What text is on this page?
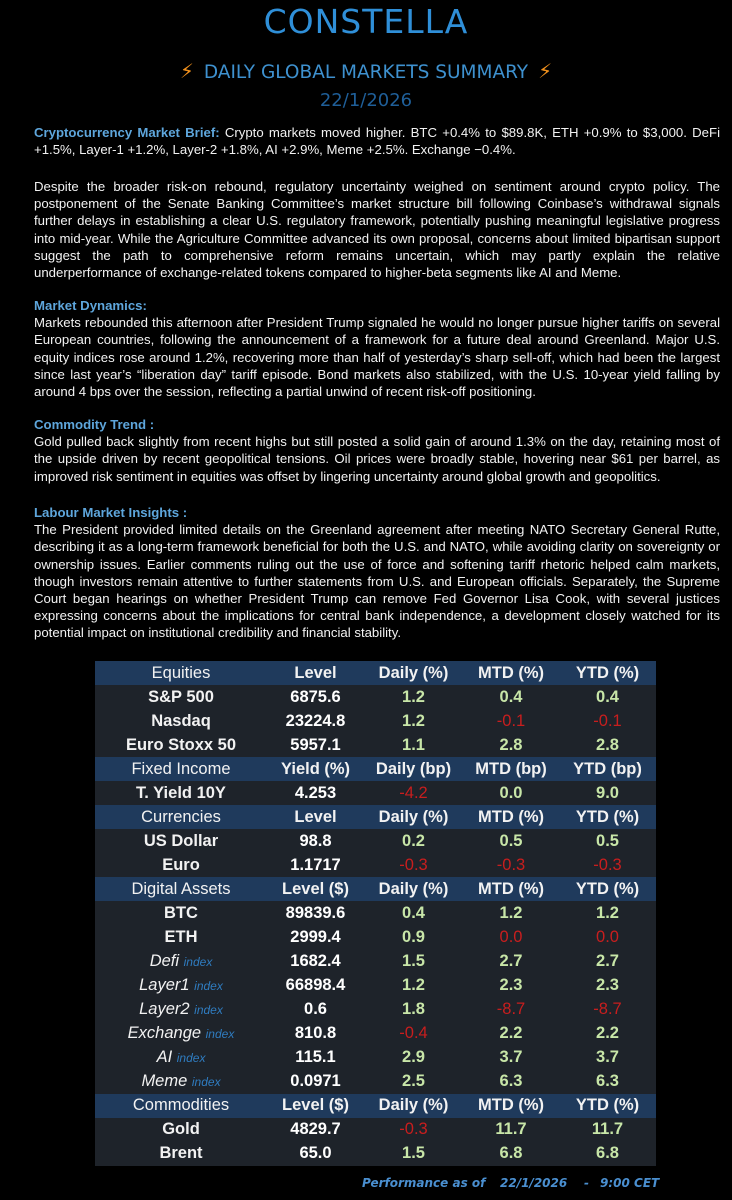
CONSTELLA
⚡ DAILY GLOBAL MARKETS SUMMARY ⚡
22/1/2026
Cryptocurrency Market Brief: Crypto markets moved higher. BTC +0.4% to $89.8K, ETH +0.9% to $3,000. DeFi +1.5%, Layer-1 +1.2%, Layer-2 +1.8%, AI +2.9%, Meme +2.5%. Exchange −0.4%.
Despite the broader risk-on rebound, regulatory uncertainty weighed on sentiment around crypto policy. The postponement of the Senate Banking Committee’s market structure bill following Coinbase’s withdrawal signals further delays in establishing a clear U.S. regulatory framework, potentially pushing meaningful legislative progress into mid-year. While the Agriculture Committee advanced its own proposal, concerns about limited bipartisan support suggest the path to comprehensive reform remains uncertain, which may partly explain the relative underperformance of exchange-related tokens compared to higher-beta segments like AI and Meme.
Market Dynamics:
Markets rebounded this afternoon after President Trump signaled he would no longer pursue higher tariffs on several European countries, following the announcement of a framework for a future deal around Greenland. Major U.S. equity indices rose around 1.2%, recovering more than half of yesterday’s sharp sell-off, which had been the largest since last year’s “liberation day” tariff episode. Bond markets also stabilized, with the U.S. 10-year yield falling by around 4 bps over the session, reflecting a partial unwind of recent risk-off positioning.
Commodity Trend :
Gold pulled back slightly from recent highs but still posted a solid gain of around 1.3% on the day, retaining most of the upside driven by recent geopolitical tensions. Oil prices were broadly stable, hovering near $61 per barrel, as improved risk sentiment in equities was offset by lingering uncertainty around global growth and geopolitics.
Labour Market Insights :
The President provided limited details on the Greenland agreement after meeting NATO Secretary General Rutte, describing it as a long-term framework beneficial for both the U.S. and NATO, while avoiding clarity on sovereignty or ownership issues. Earlier comments ruling out the use of force and softening tariff rhetoric helped calm markets, though investors remain attentive to further statements from U.S. and European officials. Separately, the Supreme Court began hearings on whether President Trump can remove Fed Governor Lisa Cook, with several justices expressing concerns about the implications for central bank independence, a development closely watched for its potential impact on institutional credibility and financial stability.
Equities	Level	Daily (%)	MTD (%)	YTD (%)
S&P 500	6875.6	1.2	0.4	0.4
Nasdaq	23224.8	1.2	-0.1	-0.1
Euro Stoxx 50	5957.1	1.1	2.8	2.8
Fixed Income	Yield (%)	Daily (bp)	MTD (bp)	YTD (bp)
T. Yield 10Y	4.253	-4.2	0.0	9.0
Currencies	Level	Daily (%)	MTD (%)	YTD (%)
US Dollar	98.8	0.2	0.5	0.5
Euro	1.1717	-0.3	-0.3	-0.3
Digital Assets	Level ($)	Daily (%)	MTD (%)	YTD (%)
BTC	89839.6	0.4	1.2	1.2
ETH	2999.4	0.9	0.0	0.0
Defi index	1682.4	1.5	2.7	2.7
Layer1 index	66898.4	1.2	2.3	2.3
Layer2 index	0.6	1.8	-8.7	-8.7
Exchange index	810.8	-0.4	2.2	2.2
AI index	115.1	2.9	3.7	3.7
Meme index	0.0971	2.5	6.3	6.3
Commodities	Level ($)	Daily (%)	MTD (%)	YTD (%)
Gold	4829.7	-0.3	11.7	11.7
Brent	65.0	1.5	6.8	6.8
Performance as of 22/1/2026 - 9:00 CET
